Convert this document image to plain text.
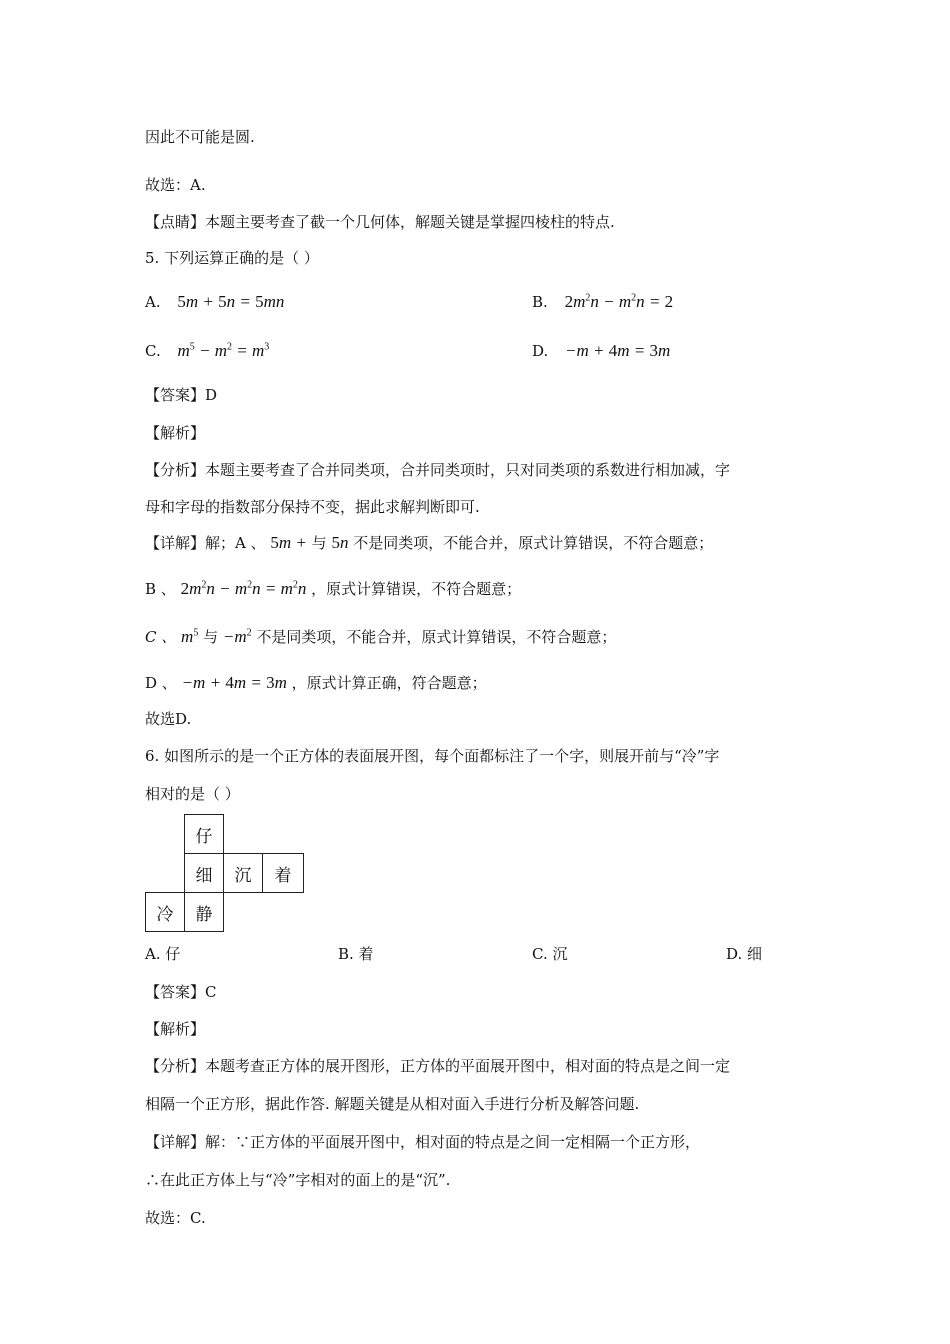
因此不可能是圆.
故选：A.
【点睛】本题主要考查了截一个几何体，解题关键是掌握四棱柱的特点.
5. 下列运算正确的是（ ）
A. 5m + 5n = 5mn	B. $2m^2n - m^2n = 2$
C. $m^5 - m^2 = m^3$	D. −m + 4m = 3m
【答案】D
【解析】
【分析】本题主要考查了合并同类项，合并同类项时，只对同类项的系数进行相加减，字
母和字母的指数部分保持不变，据此求解判断即可.
【详解】解；A 、 5m + 与 5n 不是同类项，不能合并，原式计算错误，不符合题意；
B 、 $2m^2n - m^2n = m^2n$ ，原式计算错误，不符合题意；
C 、 $m^5$ 与 $-m^2$ 不是同类项，不能合并，原式计算错误，不符合题意；
D 、 −m + 4m = 3m ，原式计算正确，符合题意；
故选D.
6. 如图所示的是一个正方体的表面展开图，每个面都标注了一个字，则展开前与“冷”字
相对的是（ ）
仔
细	沉	着
冷	静
A. 仔	B. 着	C. 沉	D. 细
【答案】C
【解析】
【分析】本题考查正方体的展开图形，正方体的平面展开图中，相对面的特点是之间一定
相隔一个正方形，据此作答. 解题关键是从相对面入手进行分析及解答问题.
【详解】解：∵正方体的平面展开图中，相对面的特点是之间一定相隔一个正方形，
∴在此正方体上与“冷”字相对的面上的是“沉”.
故选：C.
